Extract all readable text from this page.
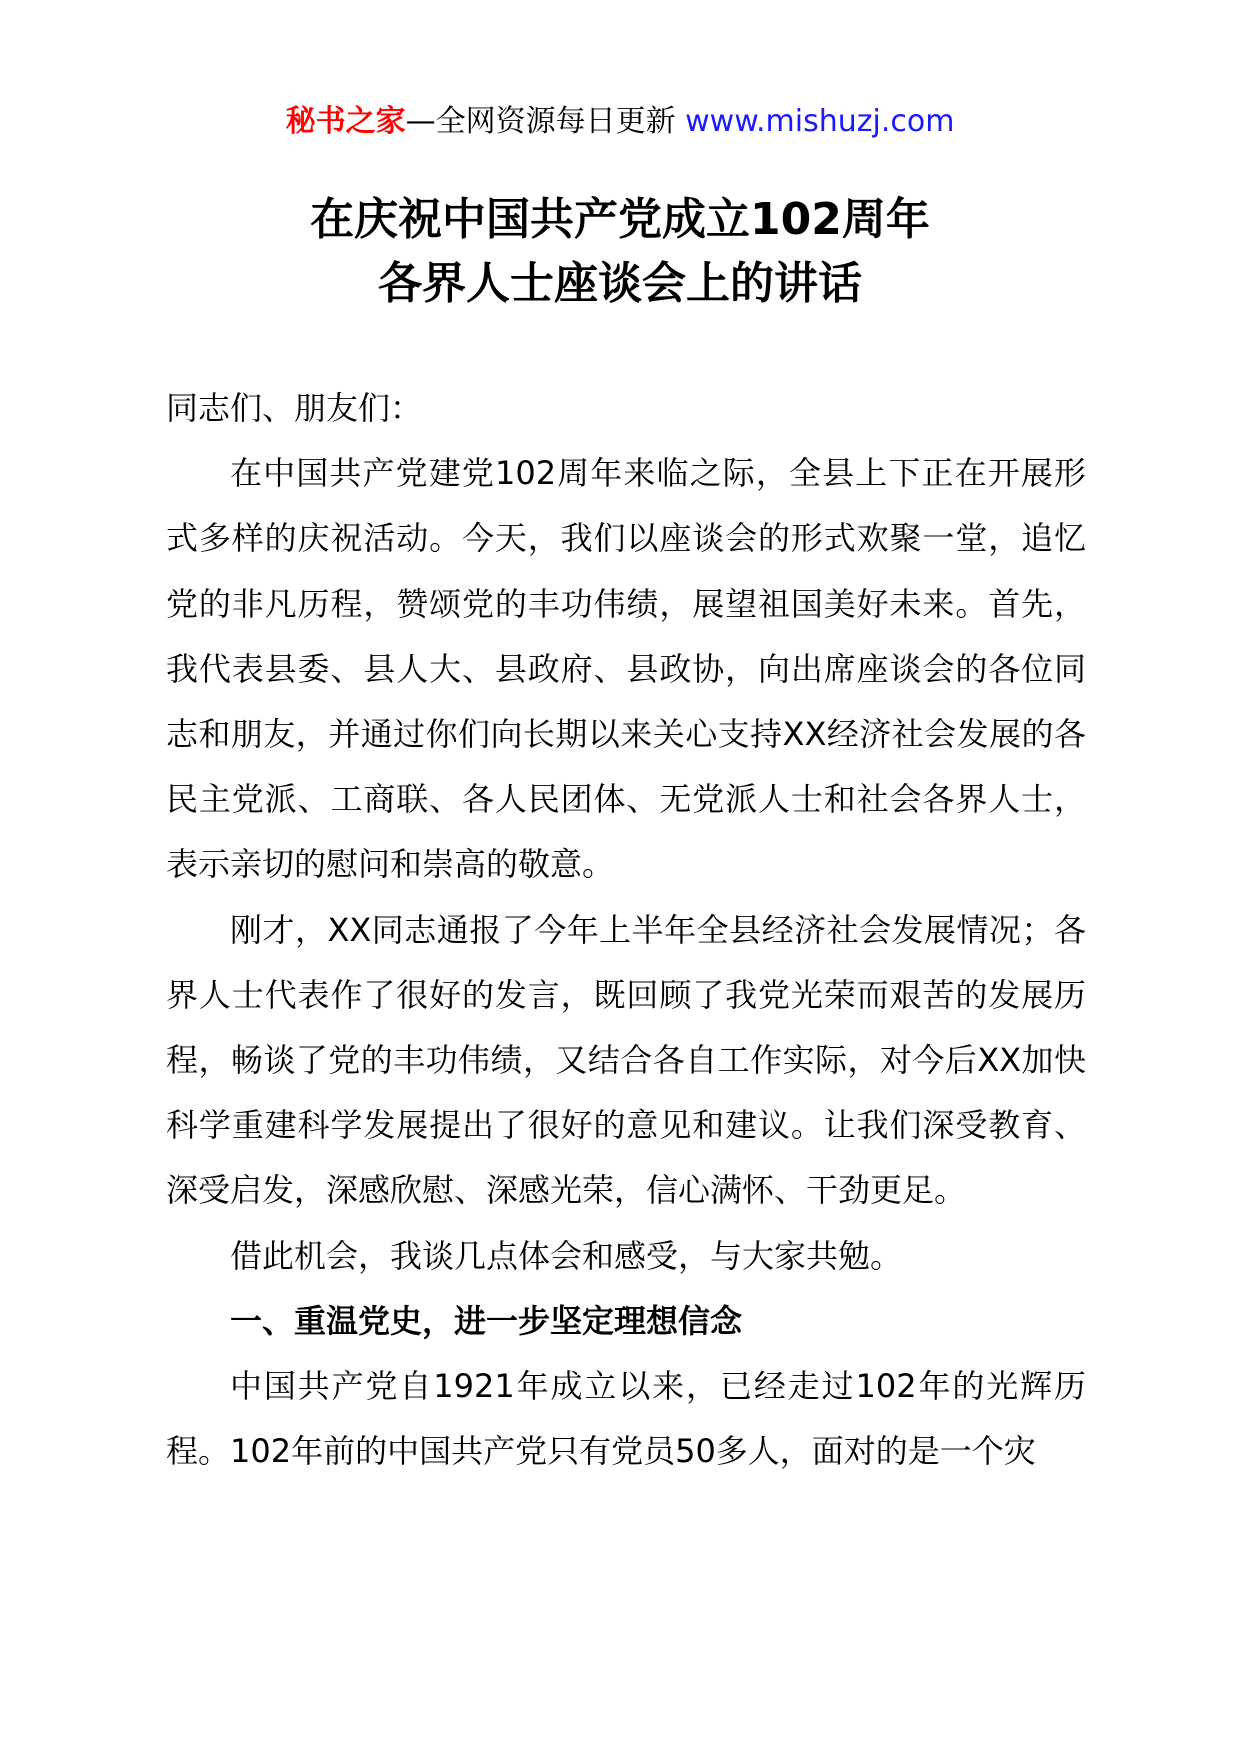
秘书之家—全网资源每日更新 www.mishuzj.com
在庆祝中国共产党成立102周年
各界人士座谈会上的讲话

同志们、朋友们：

在中国共产党建党102周年来临之际，全县上下正在开展形式多样的庆祝活动。今天，我们以座谈会的形式欢聚一堂，追忆党的非凡历程，赞颂党的丰功伟绩，展望祖国美好未来。首先，我代表县委、县人大、县政府、县政协，向出席座谈会的各位同志和朋友，并通过你们向长期以来关心支持XX经济社会发展的各民主党派、工商联、各人民团体、无党派人士和社会各界人士，表示亲切的慰问和崇高的敬意。

刚才，XX同志通报了今年上半年全县经济社会发展情况；各界人士代表作了很好的发言，既回顾了我党光荣而艰苦的发展历程，畅谈了党的丰功伟绩，又结合各自工作实际，对今后XX加快科学重建科学发展提出了很好的意见和建议。让我们深受教育、深受启发，深感欣慰、深感光荣，信心满怀、干劲更足。

借此机会，我谈几点体会和感受，与大家共勉。

一、重温党史，进一步坚定理想信念

中国共产党自1921年成立以来，已经走过102年的光辉历程。102年前的中国共产党只有党员50多人，面对的是一个灾
